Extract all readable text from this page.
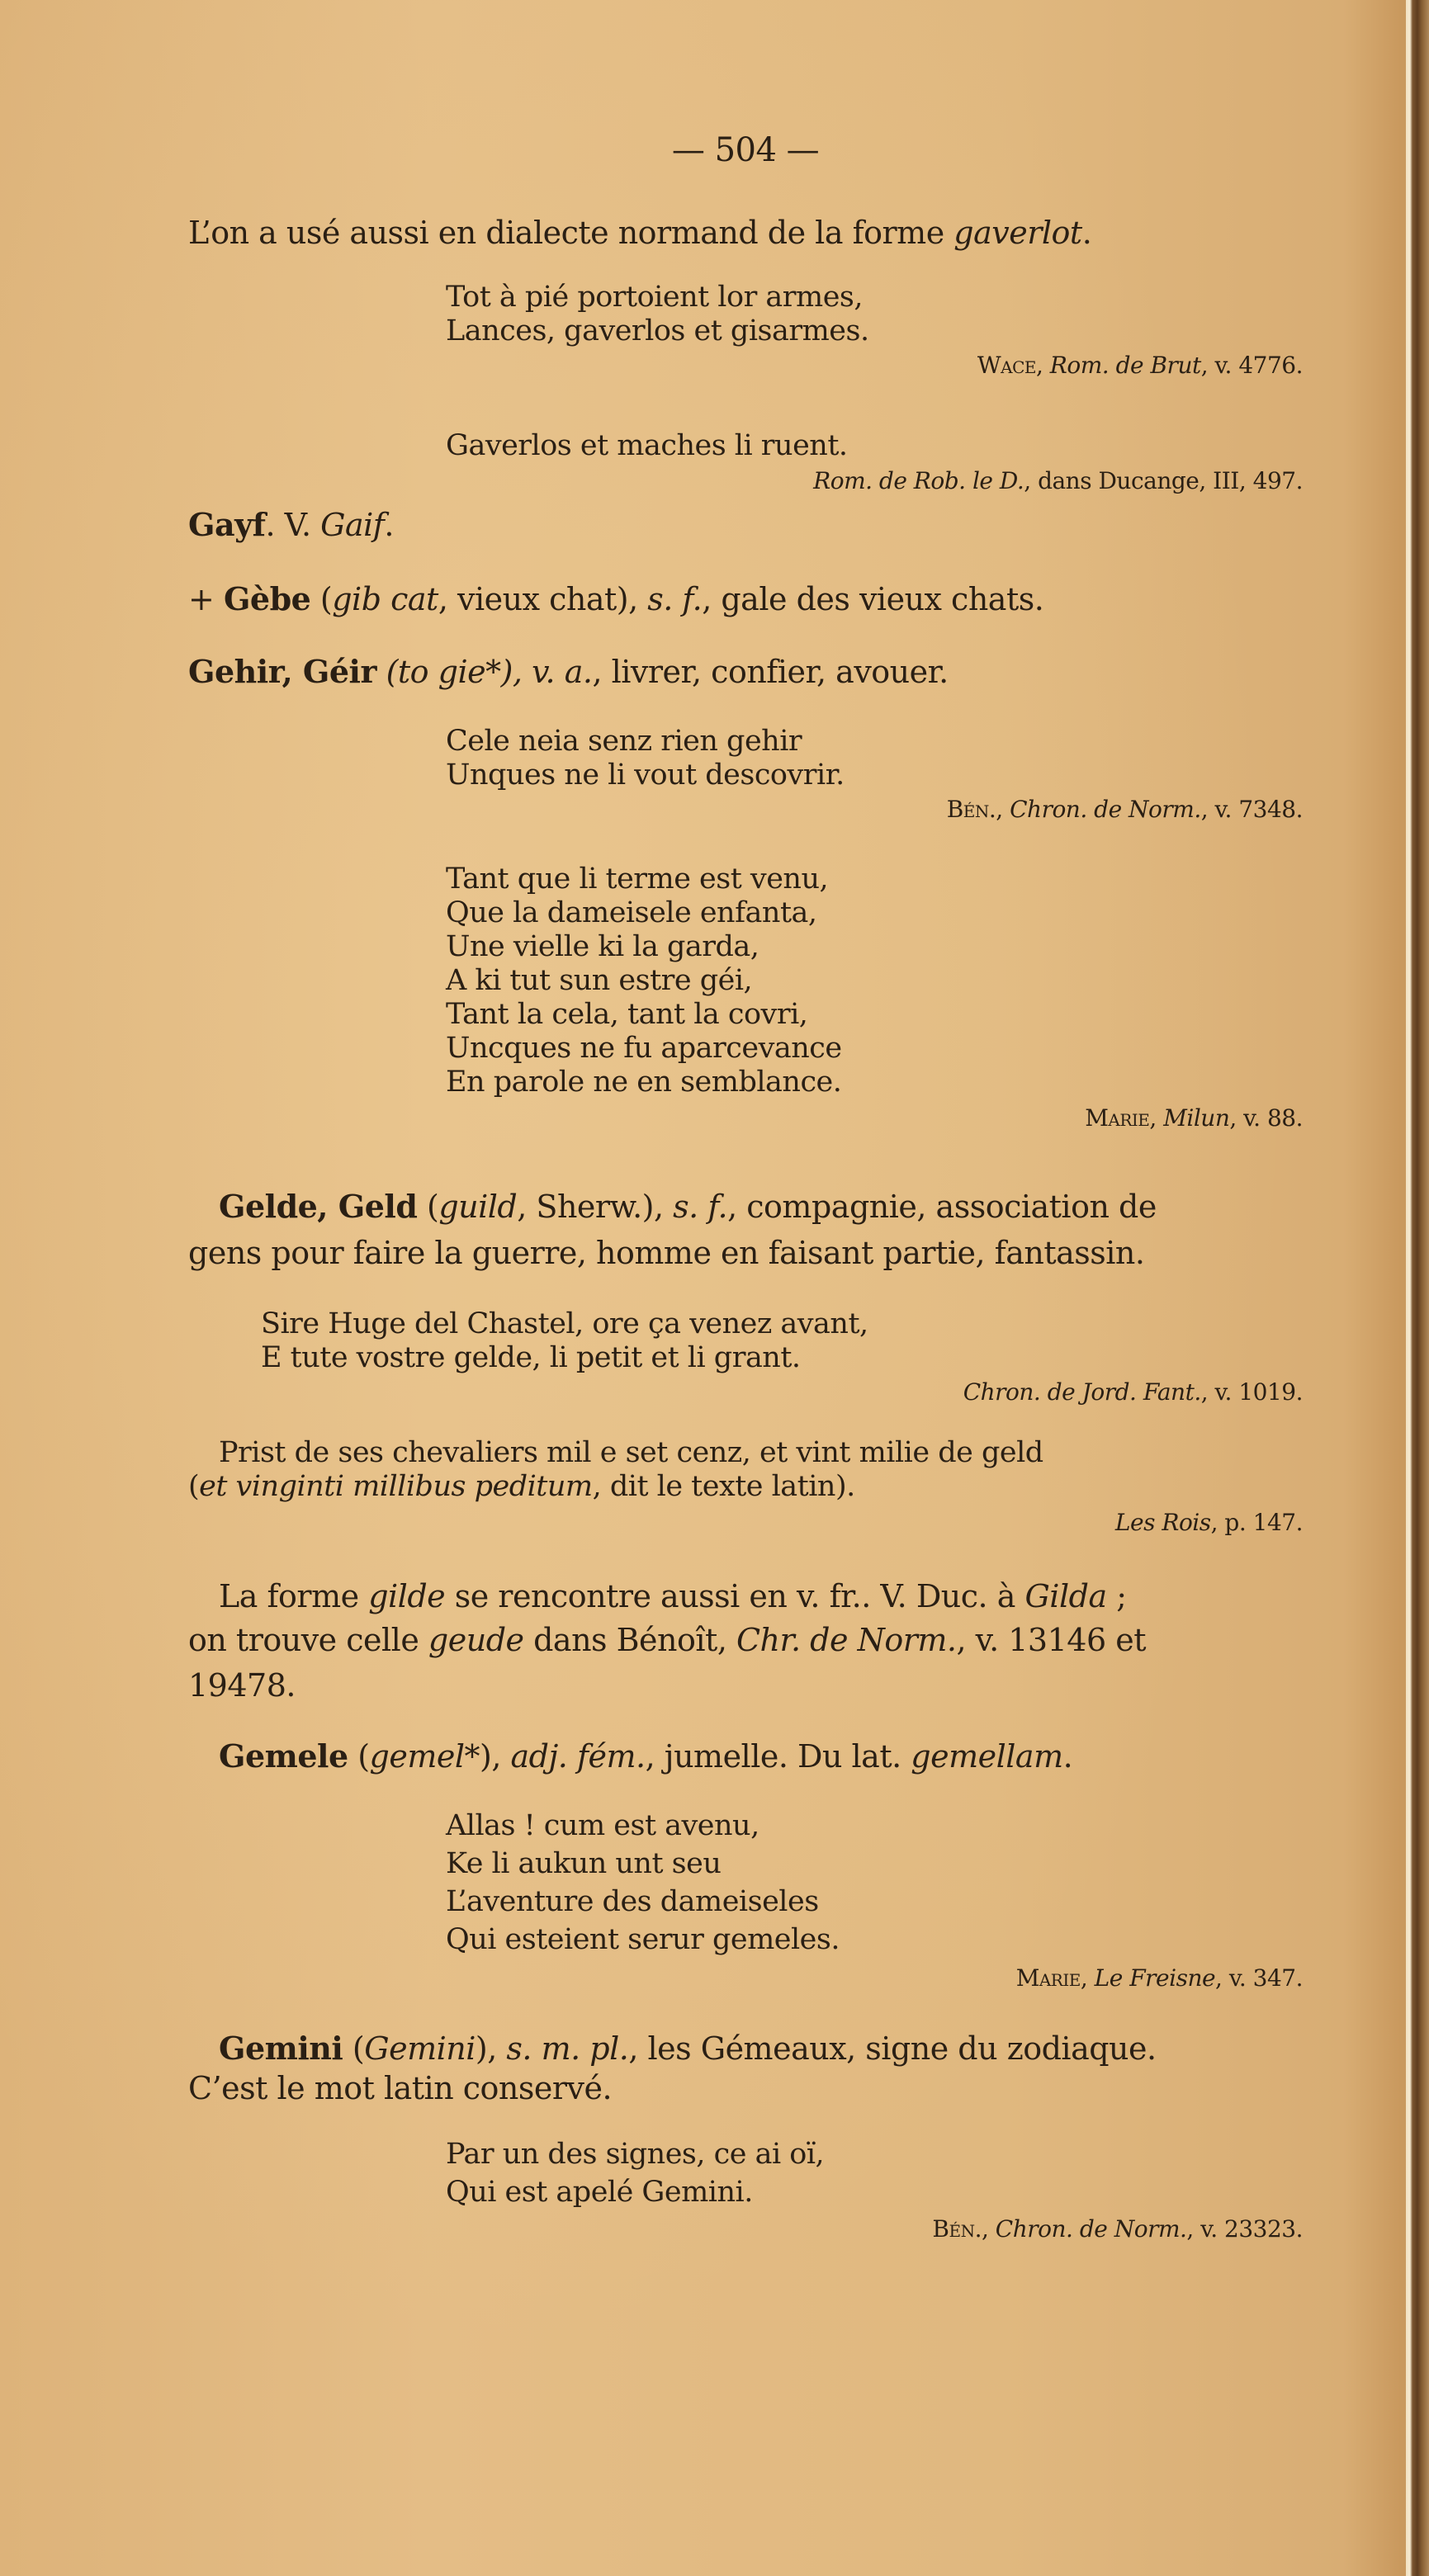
— 504 —
L’on a usé aussi en dialecte normand de la forme gaverlot.
Tot à pié portoient lor armes,
Lances, gaverlos et gisarmes.
Wace, Rom. de Brut, v. 4776.
Gaverlos et maches li ruent.
Rom. de Rob. le D., dans Ducange, III, 497.
Gayf. V. Gaif.
+ Gèbe (gib cat, vieux chat), s. f., gale des vieux chats.
Gehir, Géir (to gie*), v. a., livrer, confier, avouer.
Cele neia senz rien gehir
Unques ne li vout descovrir.
Bén., Chron. de Norm., v. 7348.
Tant que li terme est venu,
Que la dameisele enfanta,
Une vielle ki la garda,
A ki tut sun estre géi,
Tant la cela, tant la covri,
Uncques ne fu aparcevance
En parole ne en semblance.
Marie, Milun, v. 88.
Gelde, Geld (guild, Sherw.), s. f., compagnie, association de
gens pour faire la guerre, homme en faisant partie, fantassin.
Sire Huge del Chastel, ore ça venez avant,
E tute vostre gelde, li petit et li grant.
Chron. de Jord. Fant., v. 1019.
Prist de ses chevaliers mil e set cenz, et vint milie de geld
(et vinginti millibus peditum, dit le texte latin).
Les Rois, p. 147.
La forme gilde se rencontre aussi en v. fr.. V. Duc. à Gilda ;
on trouve celle geude dans Bénoît, Chr. de Norm., v. 13146 et
19478.
Gemele (gemel*), adj. fém., jumelle. Du lat. gemellam.
Allas ! cum est avenu,
Ke li aukun unt seu
L’aventure des dameiseles
Qui esteient serur gemeles.
Marie, Le Freisne, v. 347.
Gemini (Gemini), s. m. pl., les Gémeaux, signe du zodiaque.
C’est le mot latin conservé.
Par un des signes, ce ai oï,
Qui est apelé Gemini.
Bén., Chron. de Norm., v. 23323.
